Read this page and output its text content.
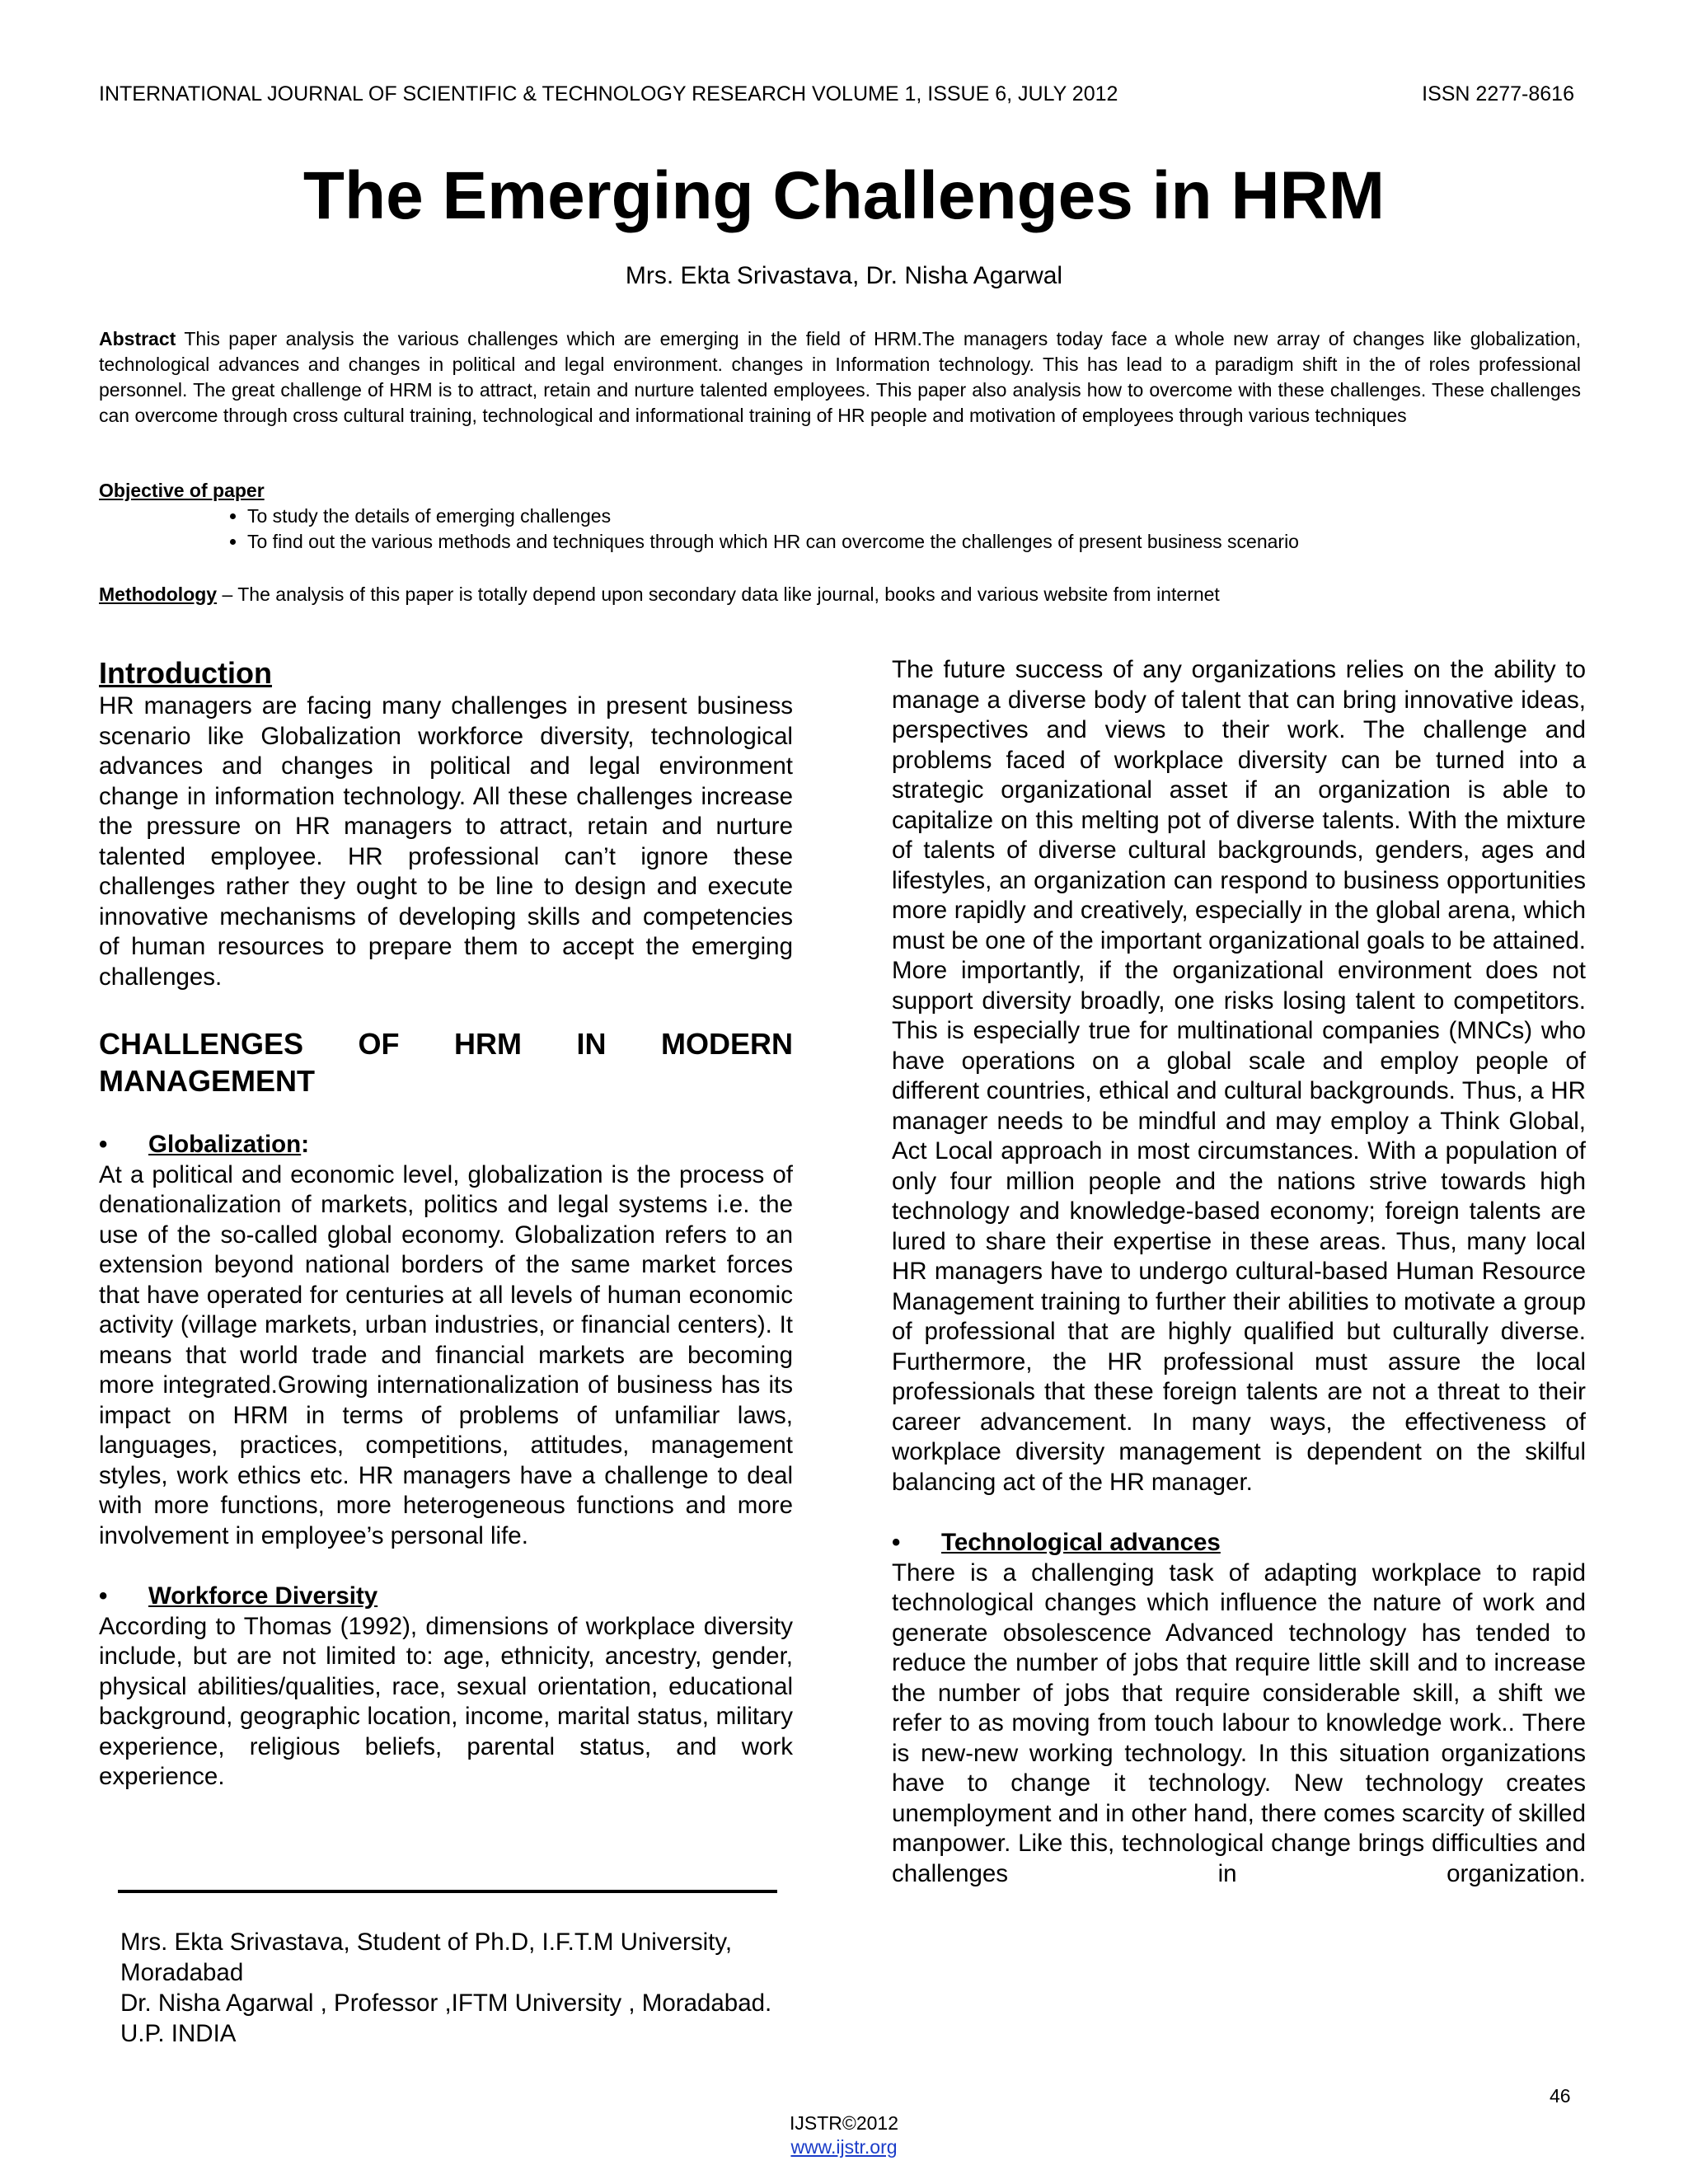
INTERNATIONAL JOURNAL OF SCIENTIFIC & TECHNOLOGY RESEARCH VOLUME 1, ISSUE 6, JULY 2012	ISSN 2277-8616
The Emerging Challenges in HRM
Mrs. Ekta Srivastava, Dr. Nisha Agarwal
Abstract This paper analysis the various challenges which are emerging in the field of HRM.The managers today face a whole new array of changes like globalization, technological advances and changes in political and legal environment. changes in Information technology. This has lead to a paradigm shift in the of roles professional personnel. The great challenge of HRM is to attract, retain and nurture talented employees. This paper also analysis how to overcome with these challenges. These challenges can overcome through cross cultural training, technological and informational training of HR people and motivation of employees through various techniques
Objective of paper
• To study the details of emerging challenges
• To find out the various methods and techniques through which HR can overcome the challenges of present business scenario
Methodology – The analysis of this paper is totally depend upon secondary data like journal, books and various website from internet

Introduction

HR managers are facing many challenges in present business scenario like Globalization workforce diversity, technological advances and changes in political and legal environment change in information technology. All these challenges increase the pressure on HR managers to attract, retain and nurture talented employee. HR professional can’t ignore these challenges rather they ought to be line to design and execute innovative mechanisms of developing skills and competencies of human resources to prepare them to accept the emerging challenges.

CHALLENGES OF HRM IN MODERN MANAGEMENT

• Globalization:

At a political and economic level, globalization is the process of denationalization of markets, politics and legal systems i.e. the use of the so-called global economy. Globalization refers to an extension beyond national borders of the same market forces that have operated for centuries at all levels of human economic activity (village markets, urban industries, or financial centers). It means that world trade and financial markets are becoming more integrated.Growing internationalization of business has its impact on HRM in terms of problems of unfamiliar laws, languages, practices, competitions, attitudes, management styles, work ethics etc. HR managers have a challenge to deal with more functions, more heterogeneous functions and more involvement in employee’s personal life.

• Workforce Diversity

According to Thomas (1992), dimensions of workplace diversity include, but are not limited to: age, ethnicity, ancestry, gender, physical abilities/qualities, race, sexual orientation, educational background, geographic location, income, marital status, military experience, religious beliefs, parental status, and work experience.

The future success of any organizations relies on the ability to manage a diverse body of talent that can bring innovative ideas, perspectives and views to their work. The challenge and problems faced of workplace diversity can be turned into a strategic organizational asset if an organization is able to capitalize on this melting pot of diverse talents. With the mixture of talents of diverse cultural backgrounds, genders, ages and lifestyles, an organization can respond to business opportunities more rapidly and creatively, especially in the global arena, which must be one of the important organizational goals to be attained. More importantly, if the organizational environment does not support diversity broadly, one risks losing talent to competitors. This is especially true for multinational companies (MNCs) who have operations on a global scale and employ people of different countries, ethical and cultural backgrounds. Thus, a HR manager needs to be mindful and may employ a Think Global, Act Local approach in most circumstances. With a population of only four million people and the nations strive towards high technology and knowledge-based economy; foreign talents are lured to share their expertise in these areas. Thus, many local HR managers have to undergo cultural-based Human Resource Management training to further their abilities to motivate a group of professional that are highly qualified but culturally diverse. Furthermore, the HR professional must assure the local professionals that these foreign talents are not a threat to their career advancement. In many ways, the effectiveness of workplace diversity management is dependent on the skilful balancing act of the HR manager.

• Technological advances

There is a challenging task of adapting workplace to rapid technological changes which influence the nature of work and generate obsolescence Advanced technology has tended to reduce the number of jobs that require little skill and to increase the number of jobs that require considerable skill, a shift we refer to as moving from touch labour to knowledge work.. There is new-new working technology. In this situation organizations have to change it technology. New technology creates unemployment and in other hand, there comes scarcity of skilled manpower. Like this, technological change brings difficulties and challenges in organization.

Mrs. Ekta Srivastava, Student of Ph.D, I.F.T.M University, Moradabad

Dr. Nisha Agarwal , Professor ,IFTM University , Moradabad. U.P. INDIA

46
IJSTR©2012
www.ijstr.org
